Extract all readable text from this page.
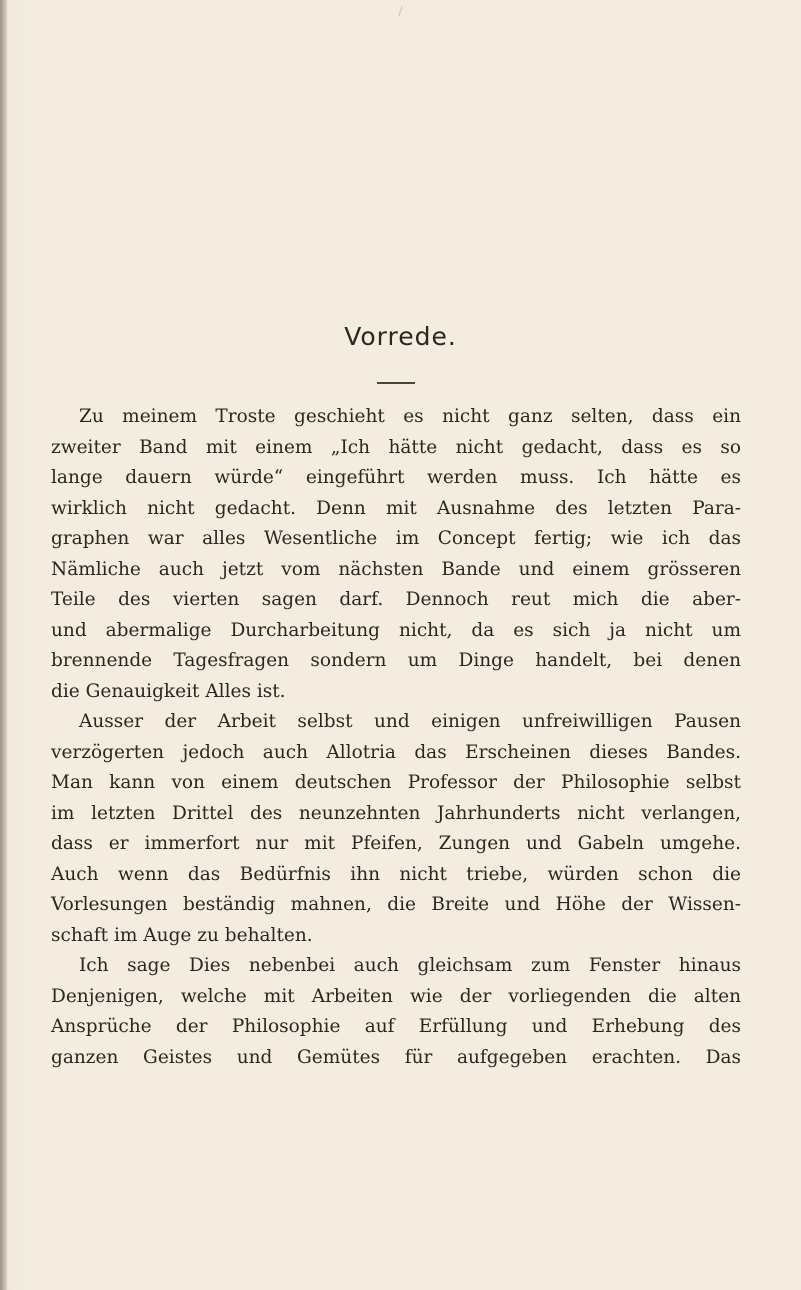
Vorrede.
Zu meinem Troste geschieht es nicht ganz selten, dass ein
zweiter Band mit einem „Ich hätte nicht gedacht, dass es so
lange dauern würde“ eingeführt werden muss. Ich hätte es
wirklich nicht gedacht. Denn mit Ausnahme des letzten Para-
graphen war alles Wesentliche im Concept fertig; wie ich das
Nämliche auch jetzt vom nächsten Bande und einem grösseren
Teile des vierten sagen darf. Dennoch reut mich die aber-
und abermalige Durcharbeitung nicht, da es sich ja nicht um
brennende Tagesfragen sondern um Dinge handelt, bei denen
die Genauigkeit Alles ist.
Ausser der Arbeit selbst und einigen unfreiwilligen Pausen
verzögerten jedoch auch Allotria das Erscheinen dieses Bandes.
Man kann von einem deutschen Professor der Philosophie selbst
im letzten Drittel des neunzehnten Jahrhunderts nicht verlangen,
dass er immerfort nur mit Pfeifen, Zungen und Gabeln umgehe.
Auch wenn das Bedürfnis ihn nicht triebe, würden schon die
Vorlesungen beständig mahnen, die Breite und Höhe der Wissen-
schaft im Auge zu behalten.
Ich sage Dies nebenbei auch gleichsam zum Fenster hinaus
Denjenigen, welche mit Arbeiten wie der vorliegenden die alten
Ansprüche der Philosophie auf Erfüllung und Erhebung des
ganzen Geistes und Gemütes für aufgegeben erachten. Das
